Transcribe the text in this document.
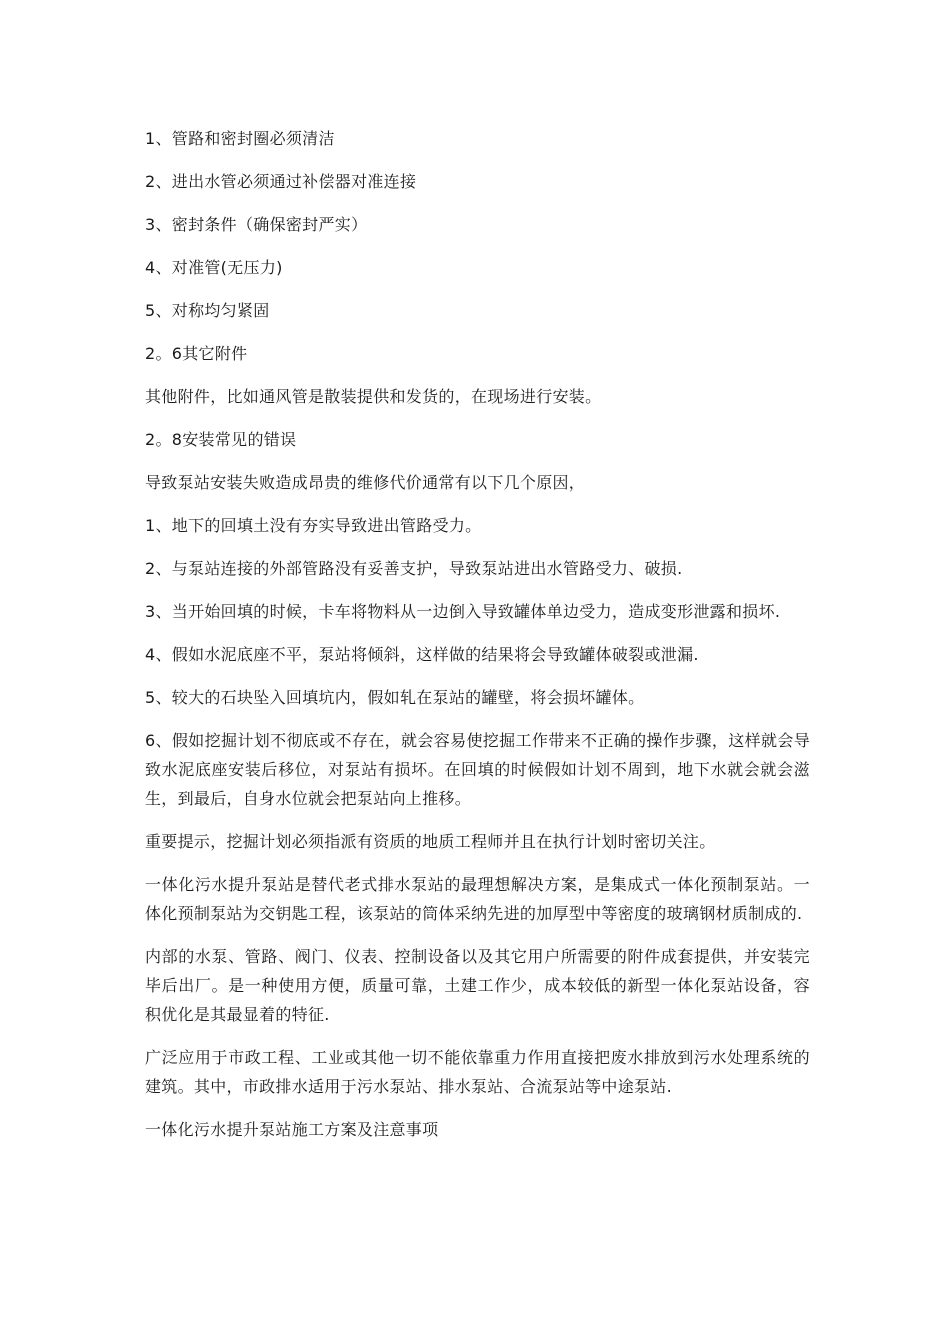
1、管路和密封圈必须清洁

2、进出水管必须通过补偿器对准连接

3、密封条件（确保密封严实）

4、对准管(无压力)

5、对称均匀紧固

2。6其它附件

其他附件，比如通风管是散装提供和发货的，在现场进行安装。

2。8安装常见的错误

导致泵站安装失败造成昂贵的维修代价通常有以下几个原因，

1、地下的回填土没有夯实导致进出管路受力。

2、与泵站连接的外部管路没有妥善支护，导致泵站进出水管路受力、破损.

3、当开始回填的时候，卡车将物料从一边倒入导致罐体单边受力，造成变形泄露和损坏.

4、假如水泥底座不平，泵站将倾斜，这样做的结果将会导致罐体破裂或泄漏.

5、较大的石块坠入回填坑内，假如轧在泵站的罐壁，将会损坏罐体。

6、假如挖掘计划不彻底或不存在，就会容易使挖掘工作带来不正确的操作步骤，这样就会导致水泥底座安装后移位，对泵站有损坏。在回填的时候假如计划不周到，地下水就会就会滋生，到最后，自身水位就会把泵站向上推移。

重要提示，挖掘计划必须指派有资质的地质工程师并且在执行计划时密切关注。

一体化污水提升泵站是替代老式排水泵站的最理想解决方案，是集成式一体化预制泵站。一体化预制泵站为交钥匙工程，该泵站的筒体采纳先进的加厚型中等密度的玻璃钢材质制成的.

内部的水泵、管路、阀门、仪表、控制设备以及其它用户所需要的附件成套提供，并安装完毕后出厂。是一种使用方便，质量可靠，土建工作少，成本较低的新型一体化泵站设备，容积优化是其最显着的特征.

广泛应用于市政工程、工业或其他一切不能依靠重力作用直接把废水排放到污水处理系统的建筑。其中，市政排水适用于污水泵站、排水泵站、合流泵站等中途泵站.

一体化污水提升泵站施工方案及注意事项
